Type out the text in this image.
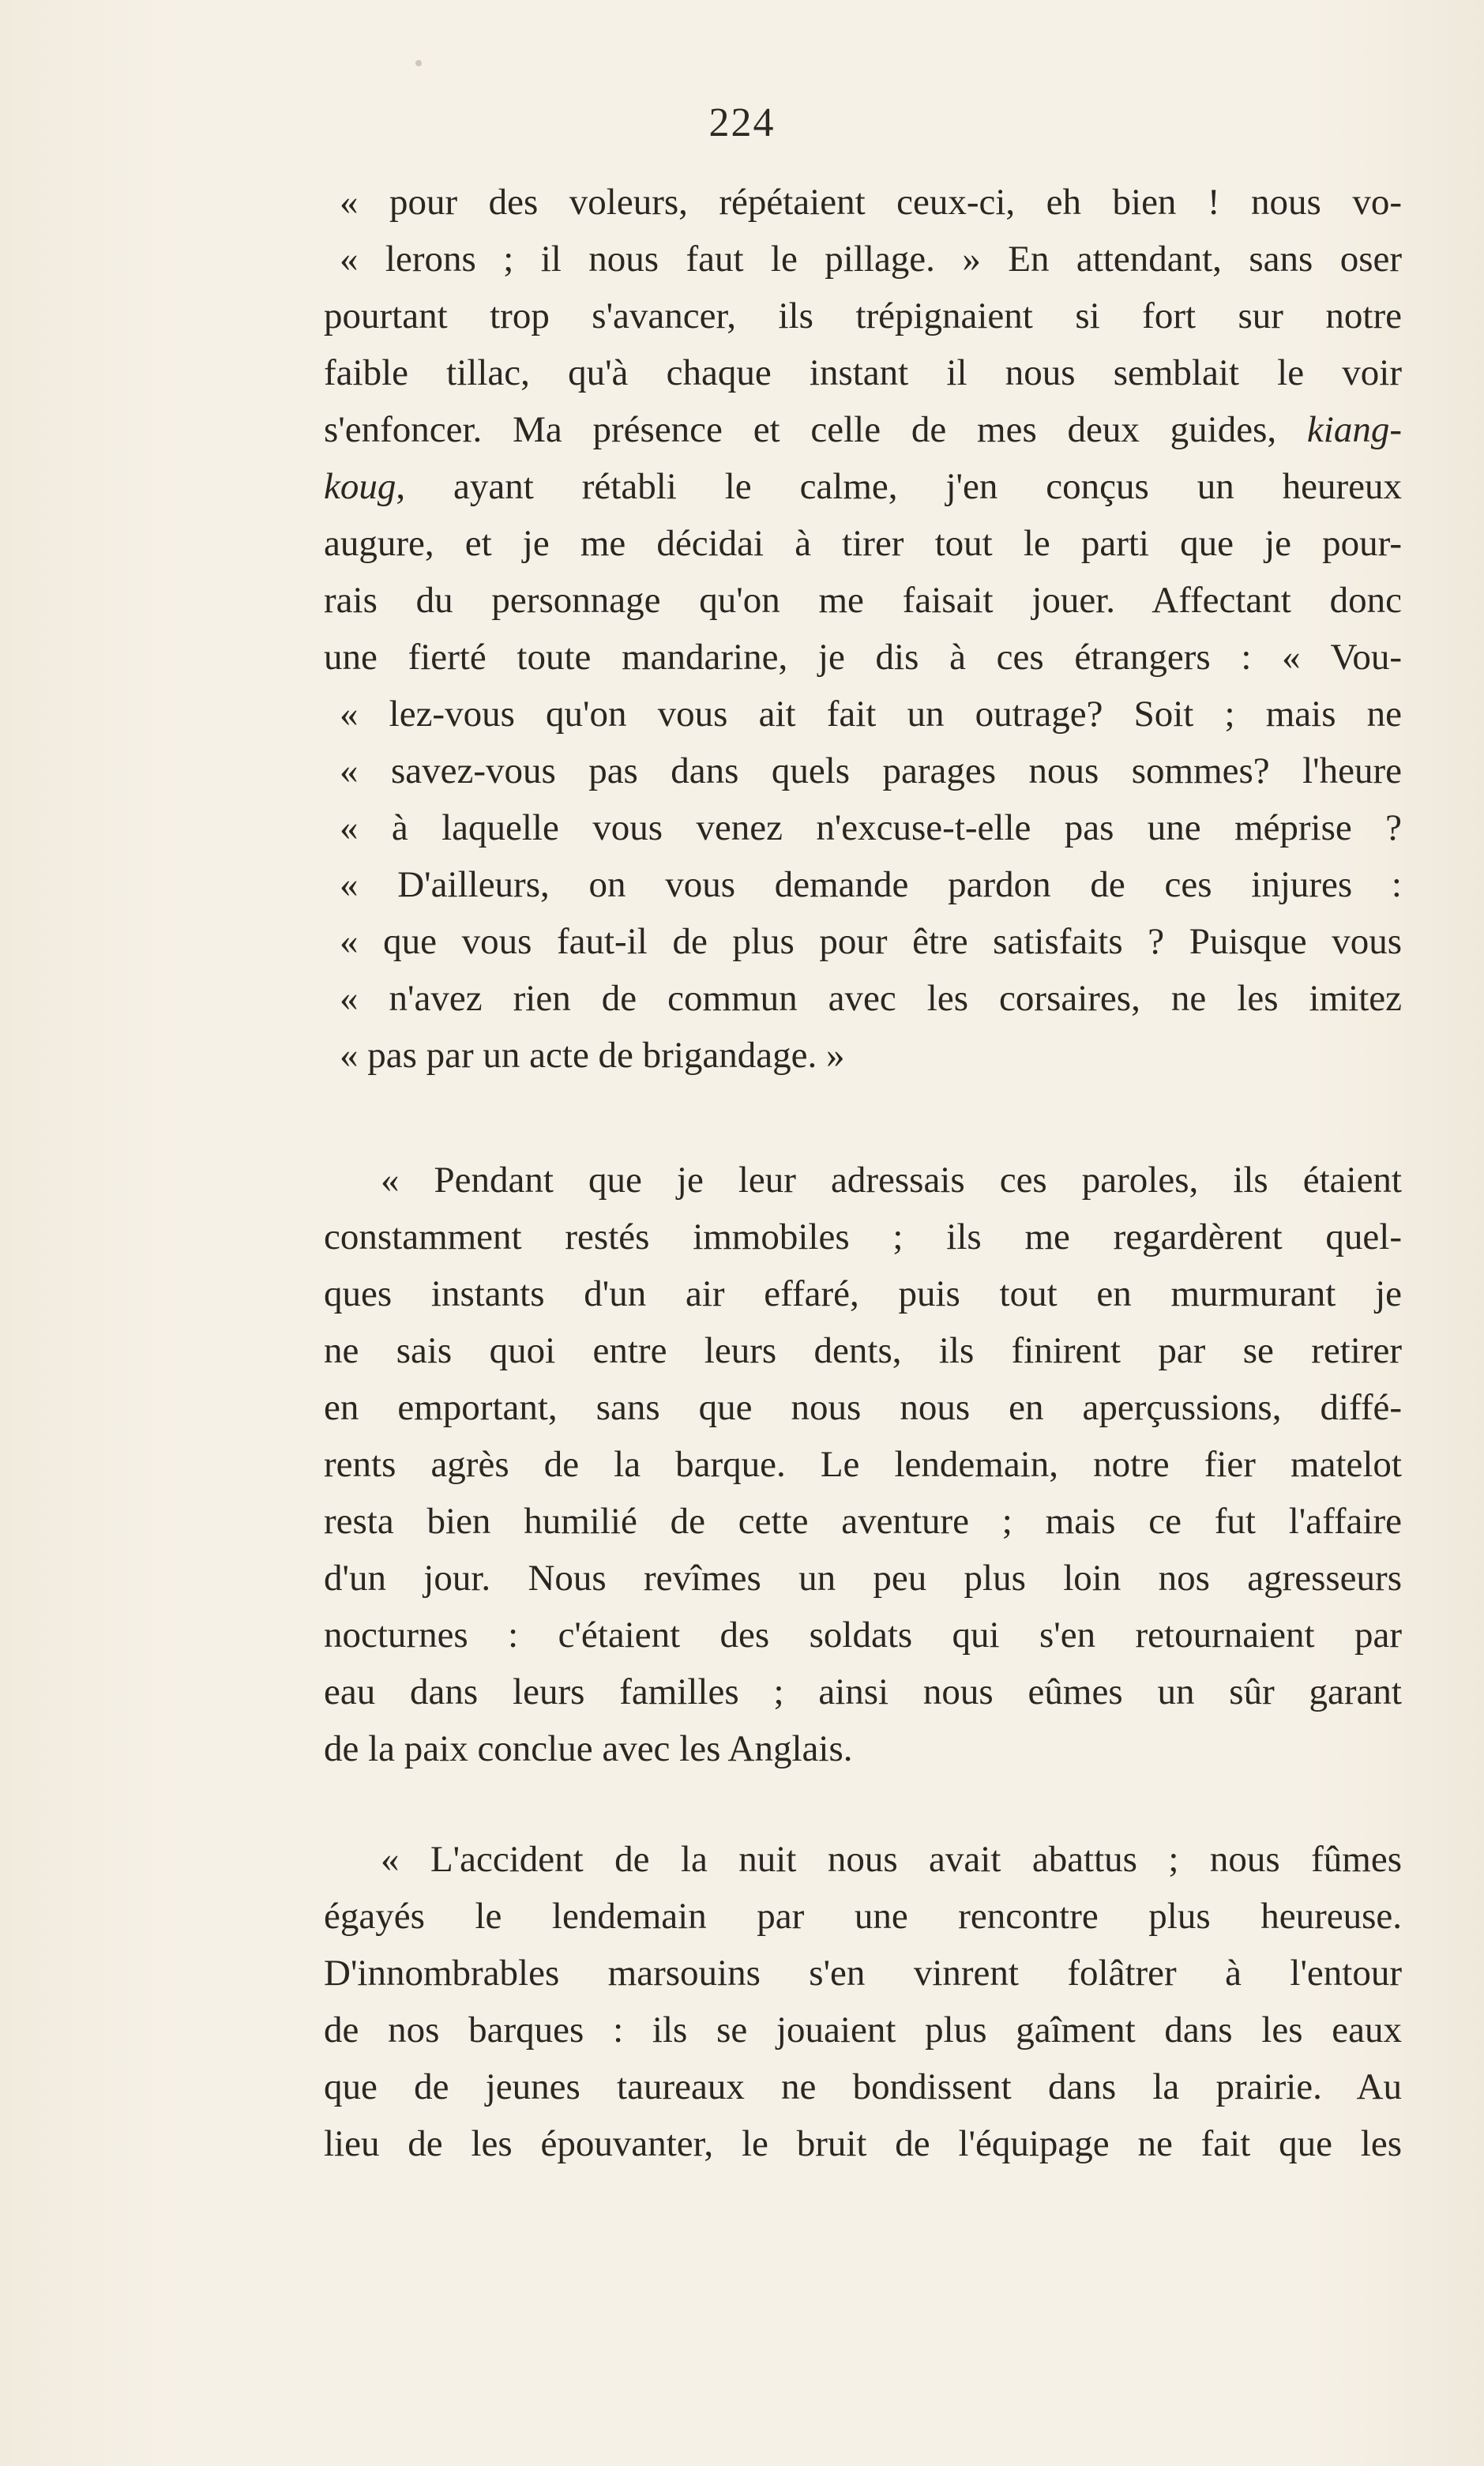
224
« pour des voleurs, répétaient ceux-ci, eh bien ! nous vo-
« lerons ; il nous faut le pillage. » En attendant, sans oser
pourtant trop s'avancer, ils trépignaient si fort sur notre
faible tillac, qu'à chaque instant il nous semblait le voir
s'enfoncer. Ma présence et celle de mes deux guides, kiang-
koug, ayant rétabli le calme, j'en conçus un heureux
augure, et je me décidai à tirer tout le parti que je pour-
rais du personnage qu'on me faisait jouer. Affectant donc
une fierté toute mandarine, je dis à ces étrangers : « Vou-
« lez-vous qu'on vous ait fait un outrage? Soit ; mais ne
« savez-vous pas dans quels parages nous sommes? l'heure
« à laquelle vous venez n'excuse-t-elle pas une méprise ?
« D'ailleurs, on vous demande pardon de ces injures :
« que vous faut-il de plus pour être satisfaits ? Puisque vous
« n'avez rien de commun avec les corsaires, ne les imitez
« pas par un acte de brigandage. »
« Pendant que je leur adressais ces paroles, ils étaient
constamment restés immobiles ; ils me regardèrent quel-
ques instants d'un air effaré, puis tout en murmurant je
ne sais quoi entre leurs dents, ils finirent par se retirer
en emportant, sans que nous nous en aperçussions, diffé-
rents agrès de la barque. Le lendemain, notre fier matelot
resta bien humilié de cette aventure ; mais ce fut l'affaire
d'un jour. Nous revîmes un peu plus loin nos agresseurs
nocturnes : c'étaient des soldats qui s'en retournaient par
eau dans leurs familles ; ainsi nous eûmes un sûr garant
de la paix conclue avec les Anglais.
« L'accident de la nuit nous avait abattus ; nous fûmes
égayés le lendemain par une rencontre plus heureuse.
D'innombrables marsouins s'en vinrent folâtrer à l'entour
de nos barques : ils se jouaient plus gaîment dans les eaux
que de jeunes taureaux ne bondissent dans la prairie. Au
lieu de les épouvanter, le bruit de l'équipage ne fait que les
